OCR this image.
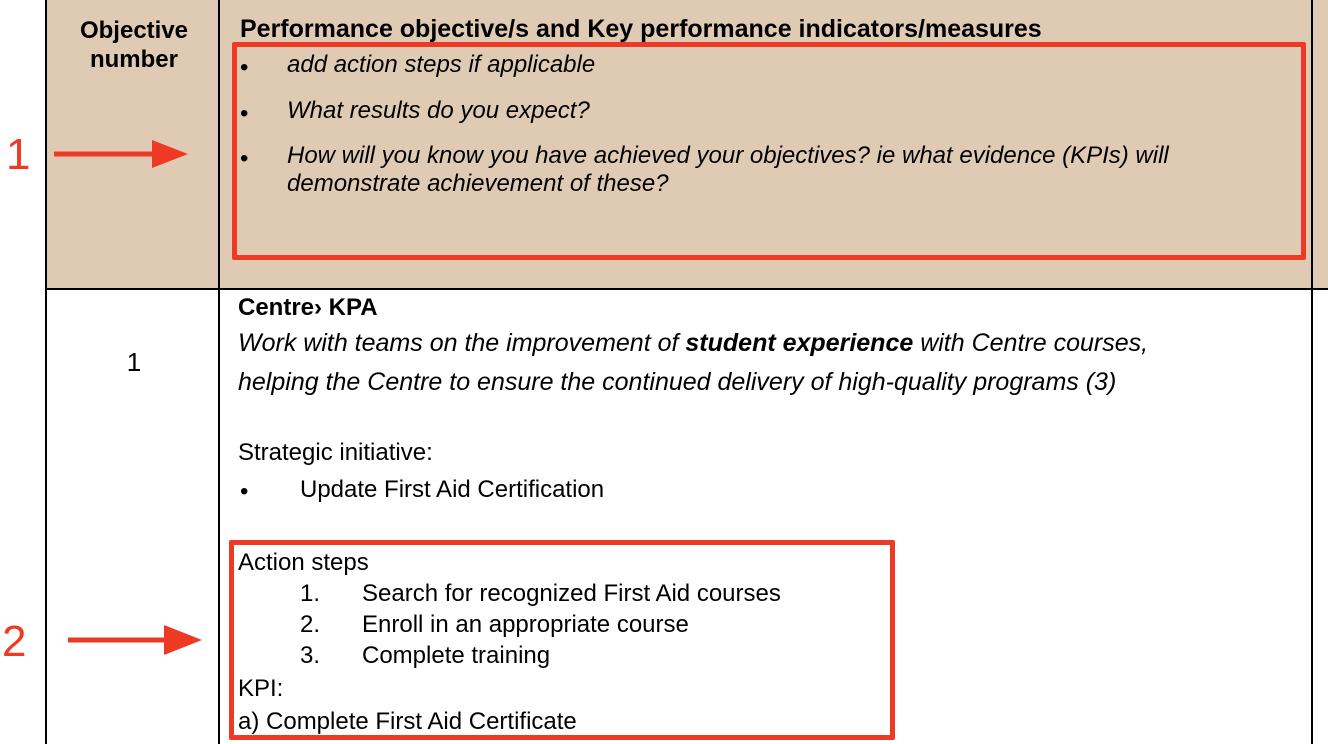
Objective
number
Performance objective/s and Key performance indicators/measures
• add action steps if applicable
• What results do you expect?
• How will you know you have achieved your objectives? ie what evidence (KPIs) will
demonstrate achievement of these?
1
1
Centre› KPA
Work with teams on the improvement of student experience with Centre courses,
helping the Centre to ensure the continued delivery of high-quality programs (3)
Strategic initiative:
• Update First Aid Certification
Action steps
1. Search for recognized First Aid courses
2. Enroll in an appropriate course
3. Complete training
KPI:
a) Complete First Aid Certificate
2
